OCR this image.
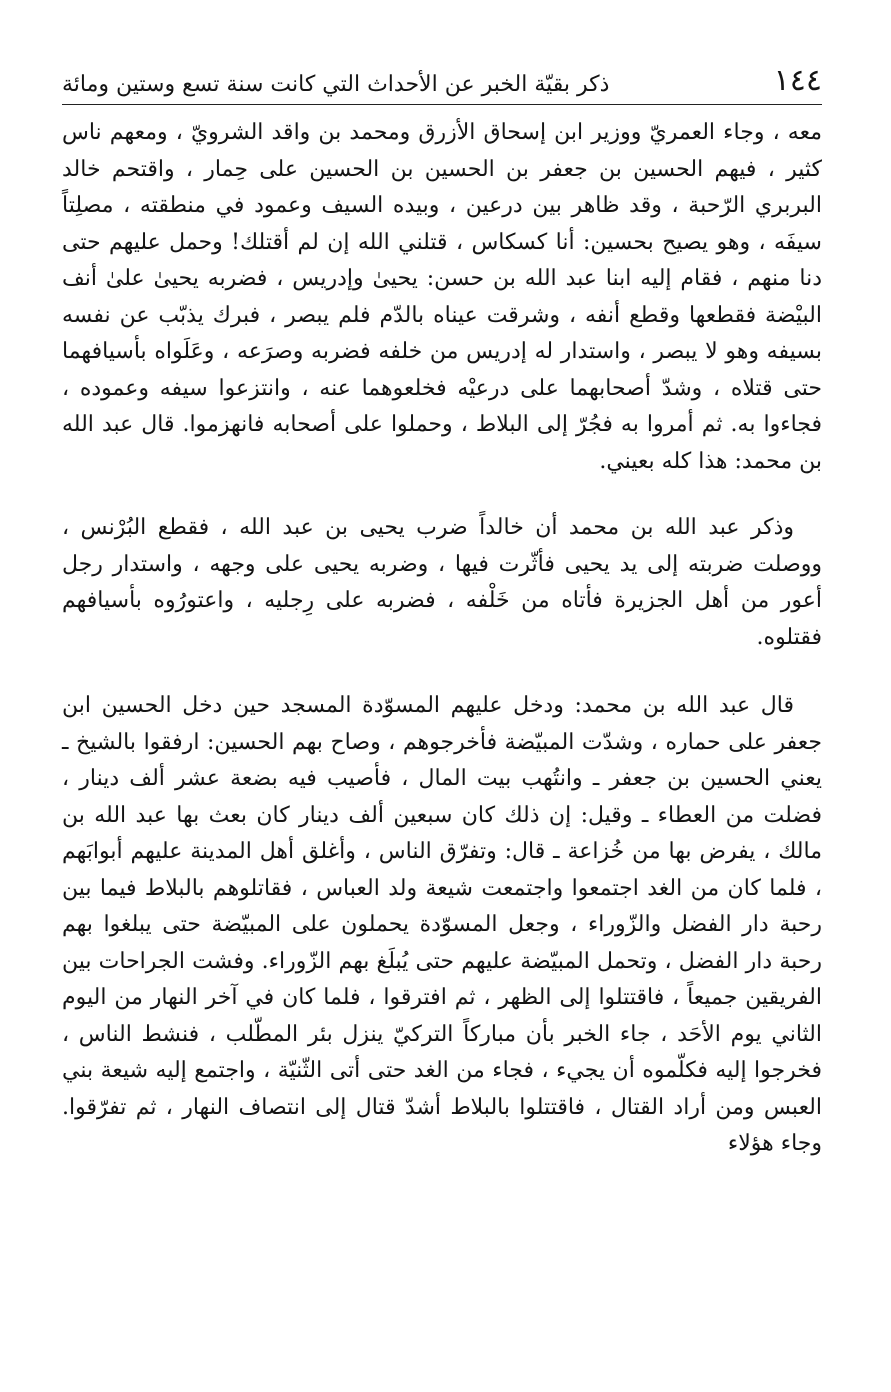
١٤٤
ذكر بقيّة الخبر عن الأحداث التي كانت سنة تسع وستين ومائة

معه ، وجاء العمريّ ووزير ابن إسحاق الأزرق ومحمد بن واقد الشرويّ ، ومعهم ناس كثير ، فيهم الحسين بن جعفر بن الحسين بن الحسين على حِمار ، واقتحم خالد البربري الرّحبة ، وقد ظاهر بين درعين ، وبيده السيف وعمود في منطقته ، مصلِتاً سيفَه ، وهو يصيح بحسين: أنا كسكاس ، قتلني الله إن لم أقتلك! وحمل عليهم حتى دنا منهم ، فقام إليه ابنا عبد الله بن حسن: يحيىٰ وإدريس ، فضربه يحيىٰ علىٰ أنف البيْضة فقطعها وقطع أنفه ، وشرقت عيناه بالدّم فلم يبصر ، فبرك يذبّب عن نفسه بسيفه وهو لا يبصر ، واستدار له إدريس من خلفه فضربه وصرَعه ، وعَلَواه بأسيافهما حتى قتلاه ، وشدّ أصحابهما على درعيْه فخلعوهما عنه ، وانتزعوا سيفه وعموده ، فجاءوا به. ثم أمروا به فجُرّ إلى البلاط ، وحملوا على أصحابه فانهزموا. قال عبد الله بن محمد: هذا كله بعيني.

وذكر عبد الله بن محمد أن خالداً ضرب يحيى بن عبد الله ، فقطع البُرْنس ، ووصلت ضربته إلى يد يحيى فأثّرت فيها ، وضربه يحيى على وجهه ، واستدار رجل أعور من أهل الجزيرة فأتاه من خَلْفه ، فضربه على رِجليه ، واعتورُوه بأسيافهم فقتلوه.

قال عبد الله بن محمد: ودخل عليهم المسوّدة المسجد حين دخل الحسين ابن جعفر على حماره ، وشدّت المبيّضة فأخرجوهم ، وصاح بهم الحسين: ارفقوا بالشيخ ـ يعني الحسين بن جعفر ـ وانتُهب بيت المال ، فأصيب فيه بضعة عشر ألف دينار ، فضلت من العطاء ـ وقيل: إن ذلك كان سبعين ألف دينار كان بعث بها عبد الله بن مالك ، يفرض بها من خُزاعة ـ قال: وتفرّق الناس ، وأغلق أهل المدينة عليهم أبوابَهم ، فلما كان من الغد اجتمعوا واجتمعت شيعة ولد العباس ، فقاتلوهم بالبلاط فيما بين رحبة دار الفضل والزّوراء ، وجعل المسوّدة يحملون على المبيّضة حتى يبلغوا بهم رحبة دار الفضل ، وتحمل المبيّضة عليهم حتى يُبلَغ بهم الزّوراء. وفشت الجراحات بين الفريقين جميعاً ، فاقتتلوا إلى الظهر ، ثم افترقوا ، فلما كان في آخر النهار من اليوم الثاني يوم الأحَد ، جاء الخبر بأن مباركاً التركيّ ينزل بئر المطّلب ، فنشط الناس ، فخرجوا إليه فكلّموه أن يجيء ، فجاء من الغد حتى أتى الثّنيّة ، واجتمع إليه شيعة بني العبس ومن أراد القتال ، فاقتتلوا بالبلاط أشدّ قتال إلى انتصاف النهار ، ثم تفرّقوا. وجاء هؤلاء
